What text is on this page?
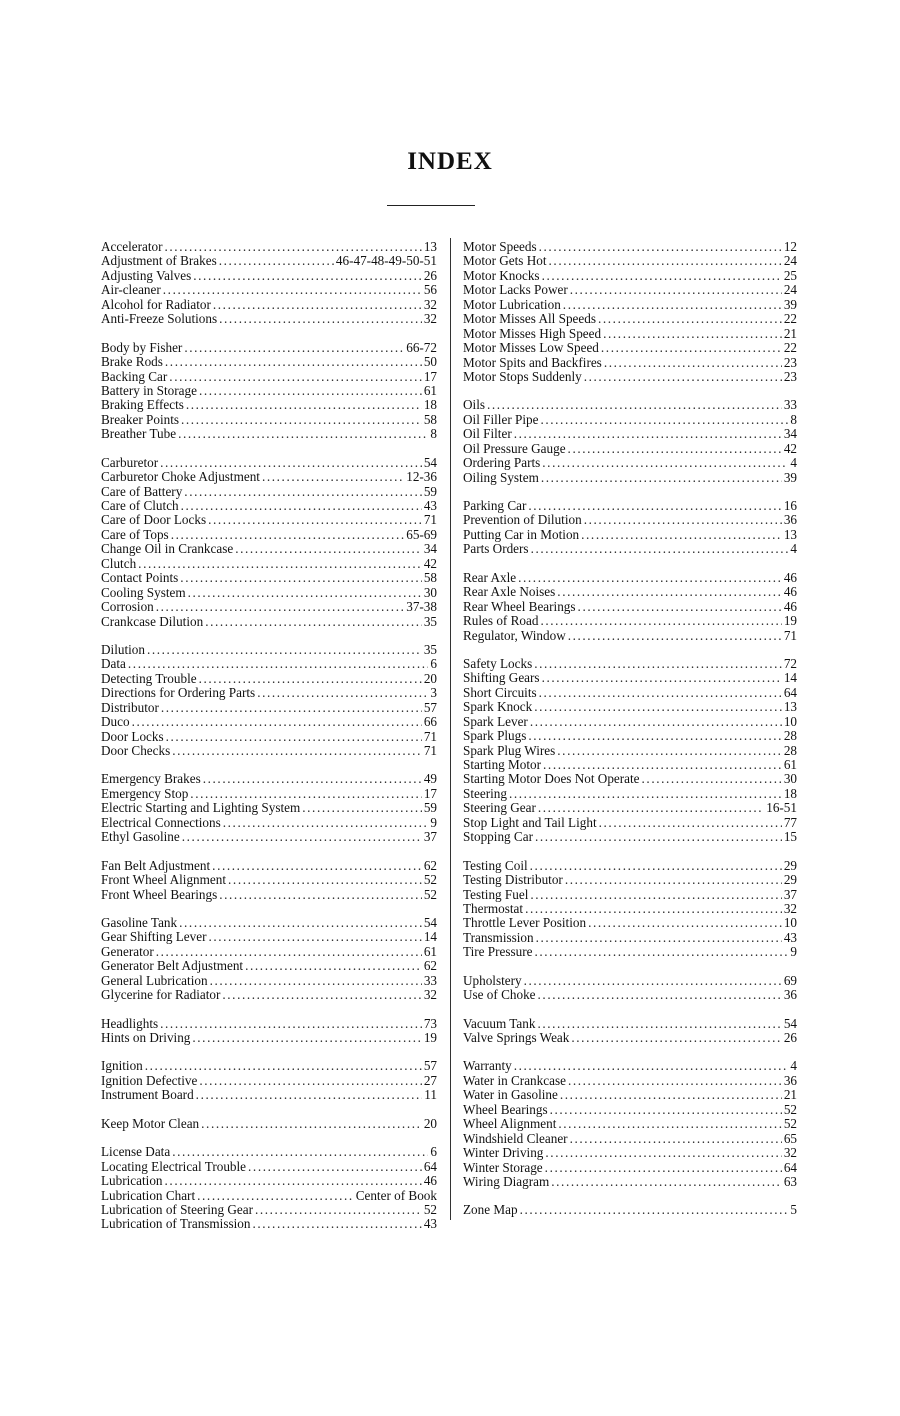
INDEX
Accelerator .....	13
Adjustment of Brakes .....	46-47-48-49-50-51
Adjusting Valves .....	26
Air-cleaner .....	56
Alcohol for Radiator .....	32
Anti-Freeze Solutions .....	32
Body by Fisher .....	66-72
Brake Rods .....	50
Backing Car .....	17
Battery in Storage .....	61
Braking Effects .....	18
Breaker Points .....	58
Breather Tube .....	8
Carburetor .....	54
Carburetor Choke Adjustment .....	12-36
Care of Battery .....	59
Care of Clutch .....	43
Care of Door Locks .....	71
Care of Tops .....	65-69
Change Oil in Crankcase .....	34
Clutch .....	42
Contact Points .....	58
Cooling System .....	30
Corrosion .....	37-38
Crankcase Dilution .....	35
Dilution .....	35
Data .....	6
Detecting Trouble .....	20
Directions for Ordering Parts .....	3
Distributor .....	57
Duco .....	66
Door Locks .....	71
Door Checks .....	71
Emergency Brakes .....	49
Emergency Stop .....	17
Electric Starting and Lighting System .....	59
Electrical Connections .....	9
Ethyl Gasoline .....	37
Fan Belt Adjustment .....	62
Front Wheel Alignment .....	52
Front Wheel Bearings .....	52
Gasoline Tank .....	54
Gear Shifting Lever .....	14
Generator .....	61
Generator Belt Adjustment .....	62
General Lubrication .....	33
Glycerine for Radiator .....	32
Headlights .....	73
Hints on Driving .....	19
Ignition .....	57
Ignition Defective .....	27
Instrument Board .....	11
Keep Motor Clean .....	20
License Data .....	6
Locating Electrical Trouble .....	64
Lubrication .....	46
Lubrication Chart .....	Center of Book
Lubrication of Steering Gear .....	52
Lubrication of Transmission .....	43
Motor Speeds .....	12
Motor Gets Hot .....	24
Motor Knocks .....	25
Motor Lacks Power .....	24
Motor Lubrication .....	39
Motor Misses All Speeds .....	22
Motor Misses High Speed .....	21
Motor Misses Low Speed .....	22
Motor Spits and Backfires .....	23
Motor Stops Suddenly .....	23
Oils .....	33
Oil Filler Pipe .....	8
Oil Filter .....	34
Oil Pressure Gauge .....	42
Ordering Parts .....	4
Oiling System .....	39
Parking Car .....	16
Prevention of Dilution .....	36
Putting Car in Motion .....	13
Parts Orders .....	4
Rear Axle .....	46
Rear Axle Noises .....	46
Rear Wheel Bearings .....	46
Rules of Road .....	19
Regulator, Window .....	71
Safety Locks .....	72
Shifting Gears .....	14
Short Circuits .....	64
Spark Knock .....	13
Spark Lever .....	10
Spark Plugs .....	28
Spark Plug Wires .....	28
Starting Motor .....	61
Starting Motor Does Not Operate .....	30
Steering .....	18
Steering Gear .....	16-51
Stop Light and Tail Light .....	77
Stopping Car .....	15
Testing Coil .....	29
Testing Distributor .....	29
Testing Fuel .....	37
Thermostat .....	32
Throttle Lever Position .....	10
Transmission .....	43
Tire Pressure .....	9
Upholstery .....	69
Use of Choke .....	36
Vacuum Tank .....	54
Valve Springs Weak .....	26
Warranty .....	4
Water in Crankcase .....	36
Water in Gasoline .....	21
Wheel Bearings .....	52
Wheel Alignment .....	52
Windshield Cleaner .....	65
Winter Driving .....	32
Winter Storage .....	64
Wiring Diagram .....	63
Zone Map .....	5
